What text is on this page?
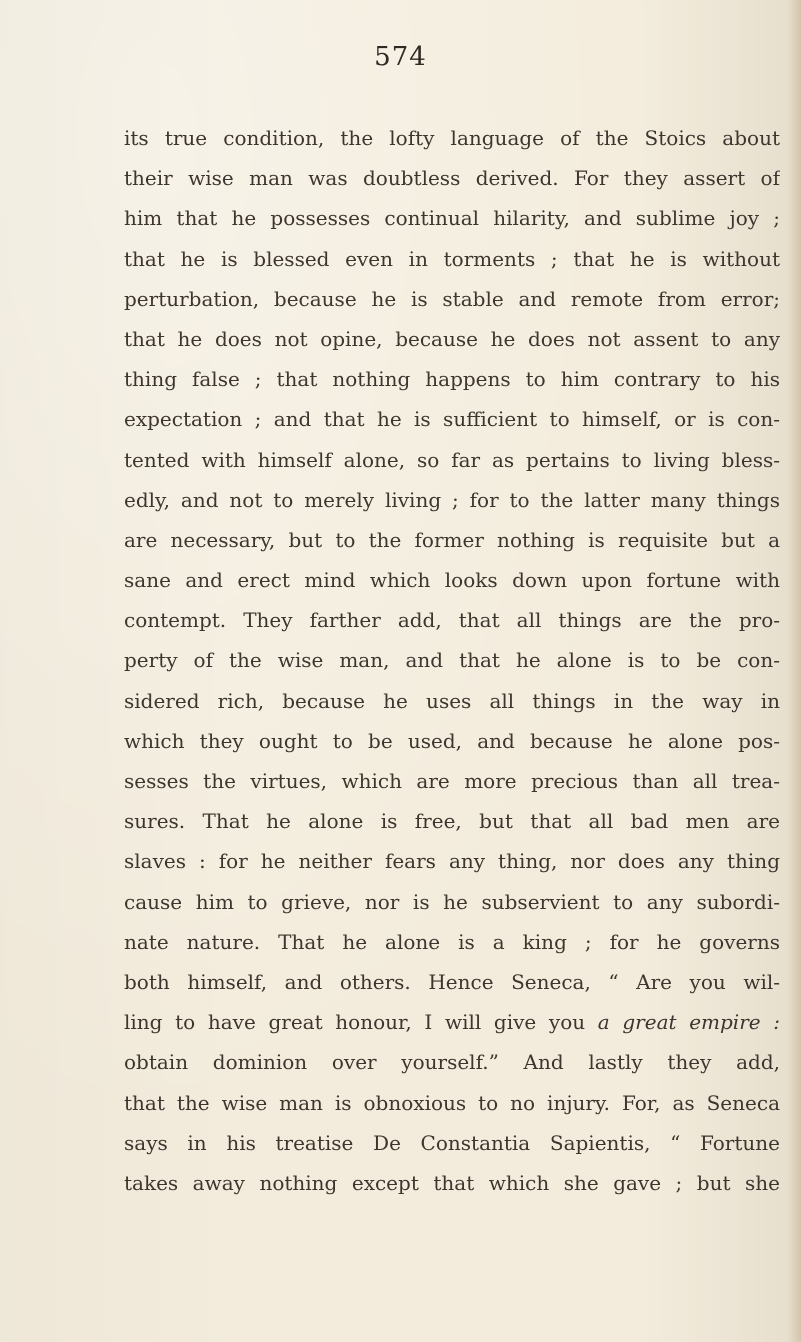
574
its true condition, the lofty language of the Stoics about
their wise man was doubtless derived. For they assert of
him that he possesses continual hilarity, and sublime joy ;
that he is blessed even in torments ; that he is without
perturbation, because he is stable and remote from error;
that he does not opine, because he does not assent to any
thing false ; that nothing happens to him contrary to his
expectation ; and that he is sufficient to himself, or is con-
tented with himself alone, so far as pertains to living bless-
edly, and not to merely living ; for to the latter many things
are necessary, but to the former nothing is requisite but a
sane and erect mind which looks down upon fortune with
contempt. They farther add, that all things are the pro-
perty of the wise man, and that he alone is to be con-
sidered rich, because he uses all things in the way in
which they ought to be used, and because he alone pos-
sesses the virtues, which are more precious than all trea-
sures. That he alone is free, but that all bad men are
slaves : for he neither fears any thing, nor does any thing
cause him to grieve, nor is he subservient to any subordi-
nate nature. That he alone is a king ; for he governs
both himself, and others. Hence Seneca, “ Are you wil-
ling to have great honour, I will give you a great empire :
obtain dominion over yourself.” And lastly they add,
that the wise man is obnoxious to no injury. For, as Seneca
says in his treatise De Constantia Sapientis, “ Fortune
takes away nothing except that which she gave ; but she
